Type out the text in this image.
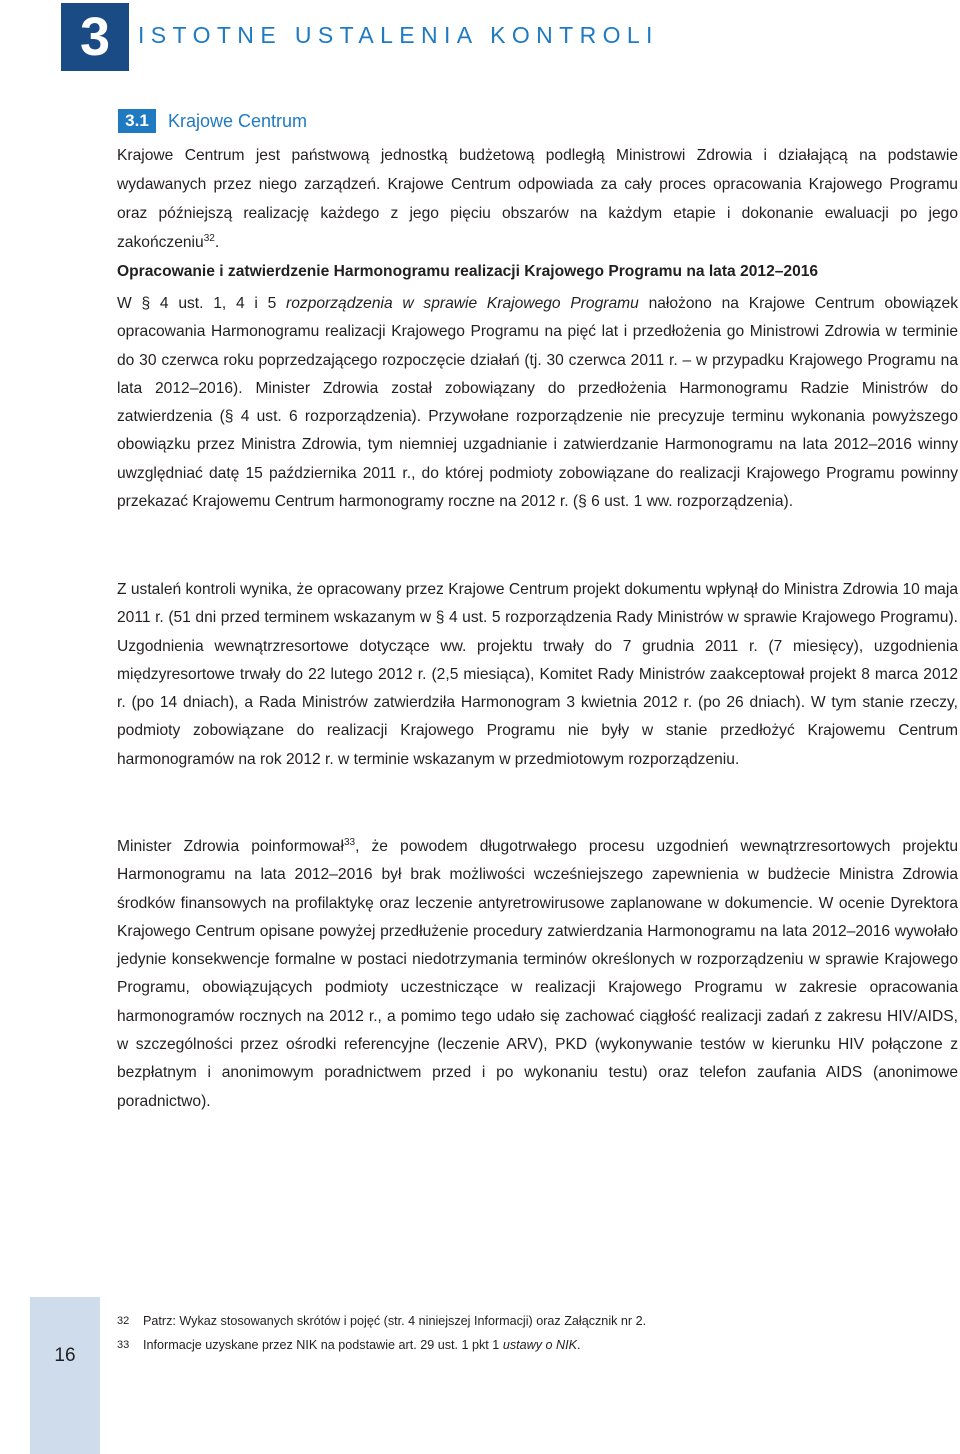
3	ISTOTNE USTALENIA KONTROLI
3.1	Krajowe Centrum

Krajowe Centrum jest państwową jednostką budżetową podległą Ministrowi Zdrowia i działającą na podstawie wydawanych przez niego zarządzeń. Krajowe Centrum odpowiada za cały proces opracowania Krajowego Programu oraz późniejszą realizację każdego z jego pięciu obszarów na każdym etapie i dokonanie ewaluacji po jego zakończeniu$^{32}$.

Opracowanie i zatwierdzenie Harmonogramu realizacji Krajowego Programu na lata 2012–2016

W § 4 ust. 1, 4 i 5 rozporządzenia w sprawie Krajowego Programu nałożono na Krajowe Centrum obowiązek opracowania Harmonogramu realizacji Krajowego Programu na pięć lat i przedłożenia go Ministrowi Zdrowia w terminie do 30 czerwca roku poprzedzającego rozpoczęcie działań (tj. 30 czerwca 2011 r. – w przypadku Krajowego Programu na lata 2012–2016). Minister Zdrowia został zobowiązany do przedłożenia Harmonogramu Radzie Ministrów do zatwierdzenia (§ 4 ust. 6 rozporządzenia). Przywołane rozporządzenie nie precyzuje terminu wykonania powyższego obowiązku przez Ministra Zdrowia, tym niemniej uzgadnianie i zatwierdzanie Harmonogramu na lata 2012–2016 winny uwzględniać datę 15 października 2011 r., do której podmioty zobowiązane do realizacji Krajowego Programu powinny przekazać Krajowemu Centrum harmonogramy roczne na 2012 r. (§ 6 ust. 1 ww. rozporządzenia).

Z ustaleń kontroli wynika, że opracowany przez Krajowe Centrum projekt dokumentu wpłynął do Ministra Zdrowia 10 maja 2011 r. (51 dni przed terminem wskazanym w § 4 ust. 5 rozporządzenia Rady Ministrów w sprawie Krajowego Programu). Uzgodnienia wewnątrzresortowe dotyczące ww. projektu trwały do 7 grudnia 2011 r. (7 miesięcy), uzgodnienia międzyresortowe trwały do 22 lutego 2012 r. (2,5 miesiąca), Komitet Rady Ministrów zaakceptował projekt 8 marca 2012 r. (po 14 dniach), a Rada Ministrów zatwierdziła Harmonogram 3 kwietnia 2012 r. (po 26 dniach). W tym stanie rzeczy, podmioty zobowiązane do realizacji Krajowego Programu nie były w stanie przedłożyć Krajowemu Centrum harmonogramów na rok 2012 r. w terminie wskazanym w przedmiotowym rozporządzeniu.

Minister Zdrowia poinformował$^{33}$, że powodem długotrwałego procesu uzgodnień wewnątrzresortowych projektu Harmonogramu na lata 2012–2016 był brak możliwości wcześniejszego zapewnienia w budżecie Ministra Zdrowia środków finansowych na profilaktykę oraz leczenie antyretrowirusowe zaplanowane w dokumencie. W ocenie Dyrektora Krajowego Centrum opisane powyżej przedłużenie procedury zatwierdzania Harmonogramu na lata 2012–2016 wywołało jedynie konsekwencje formalne w postaci niedotrzymania terminów określonych w rozporządzeniu w sprawie Krajowego Programu, obowiązujących podmioty uczestniczące w realizacji Krajowego Programu w zakresie opracowania harmonogramów rocznych na 2012 r., a pomimo tego udało się zachować ciągłość realizacji zadań z zakresu HIV/AIDS, w szczególności przez ośrodki referencyjne (leczenie ARV), PKD (wykonywanie testów w kierunku HIV połączone z bezpłatnym i anonimowym poradnictwem przed i po wykonaniu testu) oraz telefon zaufania AIDS (anonimowe poradnictwo).

16
32	Patrz: Wykaz stosowanych skrótów i pojęć (str. 4 niniejszej Informacji) oraz Załącznik nr 2.
33	Informacje uzyskane przez NIK na podstawie art. 29 ust. 1 pkt 1 ustawy o NIK.
